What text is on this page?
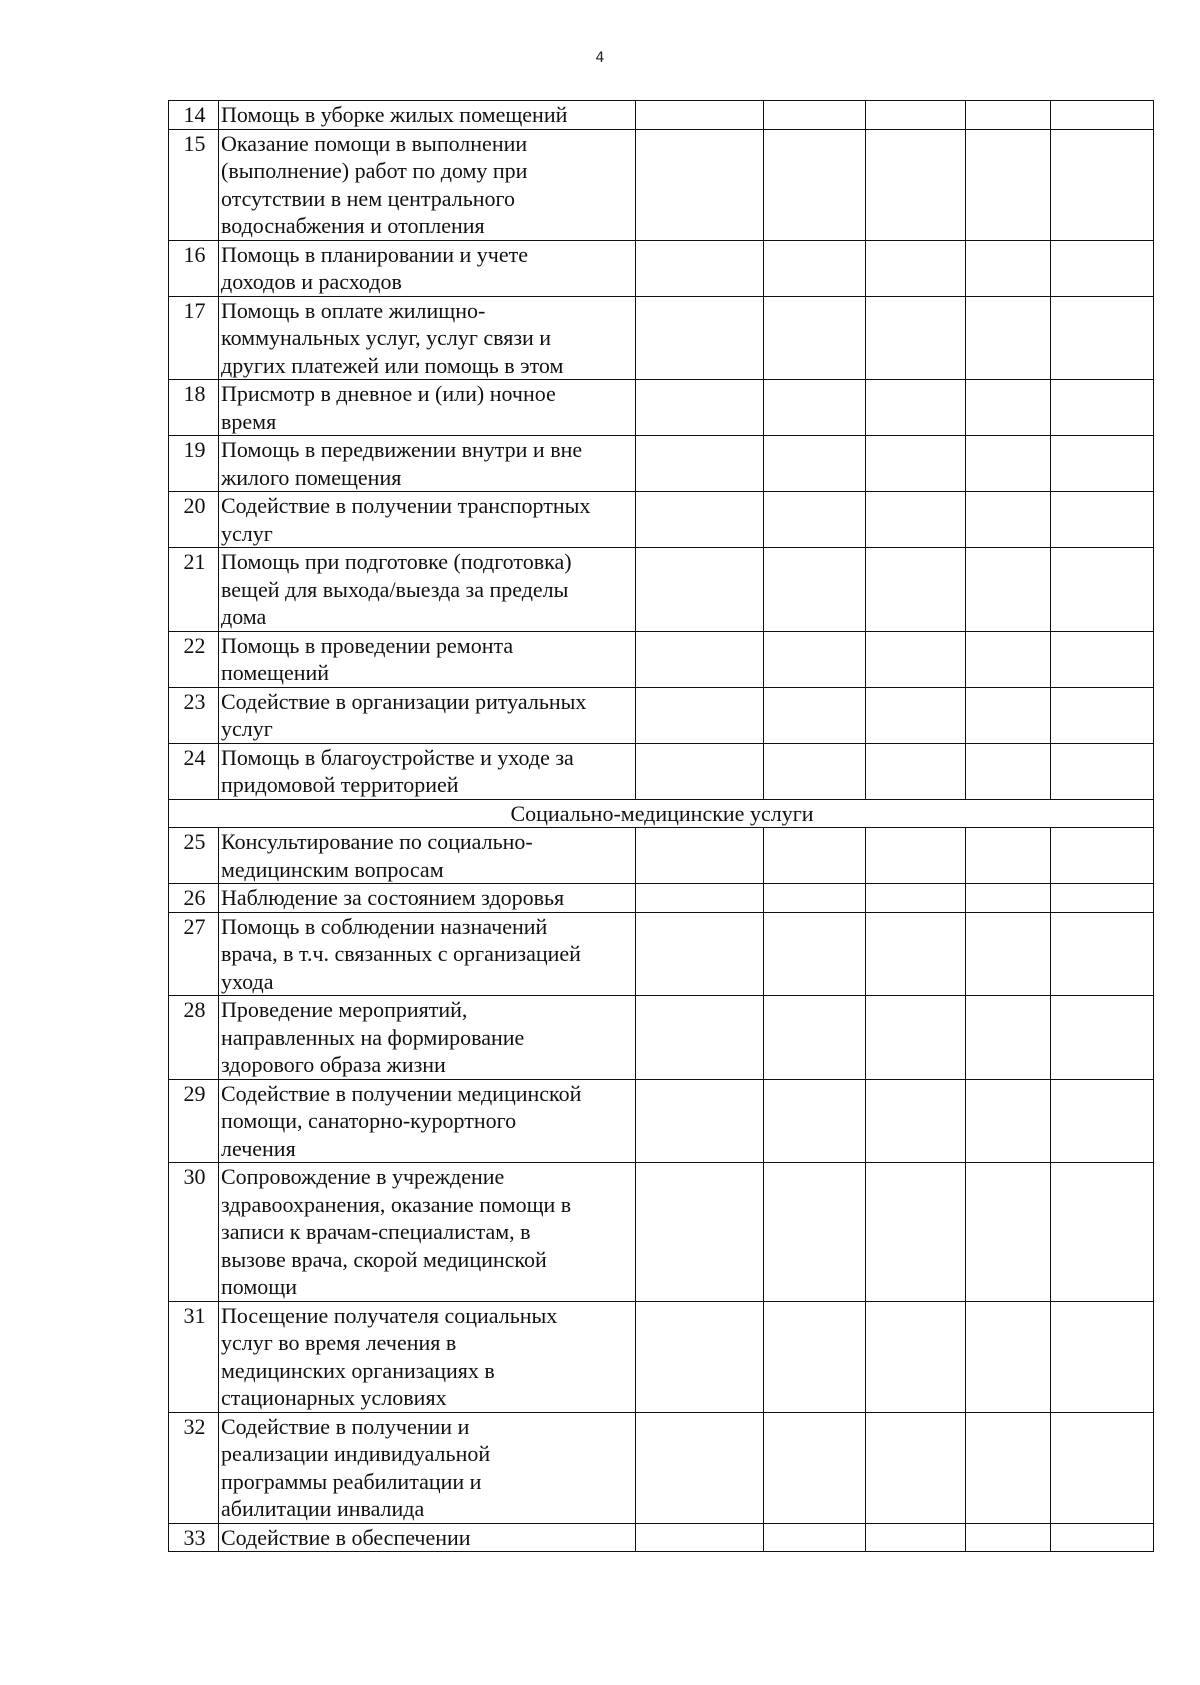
4
14	Помощь в уборке жилых помещений					
15	Оказание помощи в выполнении
(выполнение) работ по дому при
отсутствии в нем центрального
водоснабжения и отопления					
16	Помощь в планировании и учете
доходов и расходов					
17	Помощь в оплате жилищно-
коммунальных услуг, услуг связи и
других платежей или помощь в этом					
18	Присмотр в дневное и (или) ночное
время					
19	Помощь в передвижении внутри и вне
жилого помещения					
20	Содействие в получении транспортных
услуг					
21	Помощь при подготовке (подготовка)
вещей для выхода/выезда за пределы
дома					
22	Помощь в проведении ремонта
помещений					
23	Содействие в организации ритуальных
услуг					
24	Помощь в благоустройстве и уходе за
придомовой территорией					
Социально-медицинские услуги						
25	Консультирование по социально-
медицинским вопросам					
26	Наблюдение за состоянием здоровья					
27	Помощь в соблюдении назначений
врача, в т.ч. связанных с организацией
ухода					
28	Проведение мероприятий,
направленных на формирование
здорового образа жизни					
29	Содействие в получении медицинской
помощи, санаторно-курортного
лечения					
30	Сопровождение в учреждение
здравоохранения, оказание помощи в
записи к врачам-специалистам, в
вызове врача, скорой медицинской
помощи					
31	Посещение получателя социальных
услуг во время лечения в
медицинских организациях в
стационарных условиях					
32	Содействие в получении и
реализации индивидуальной
программы реабилитации и
абилитации инвалида					
33	Содействие в обеспечении					
